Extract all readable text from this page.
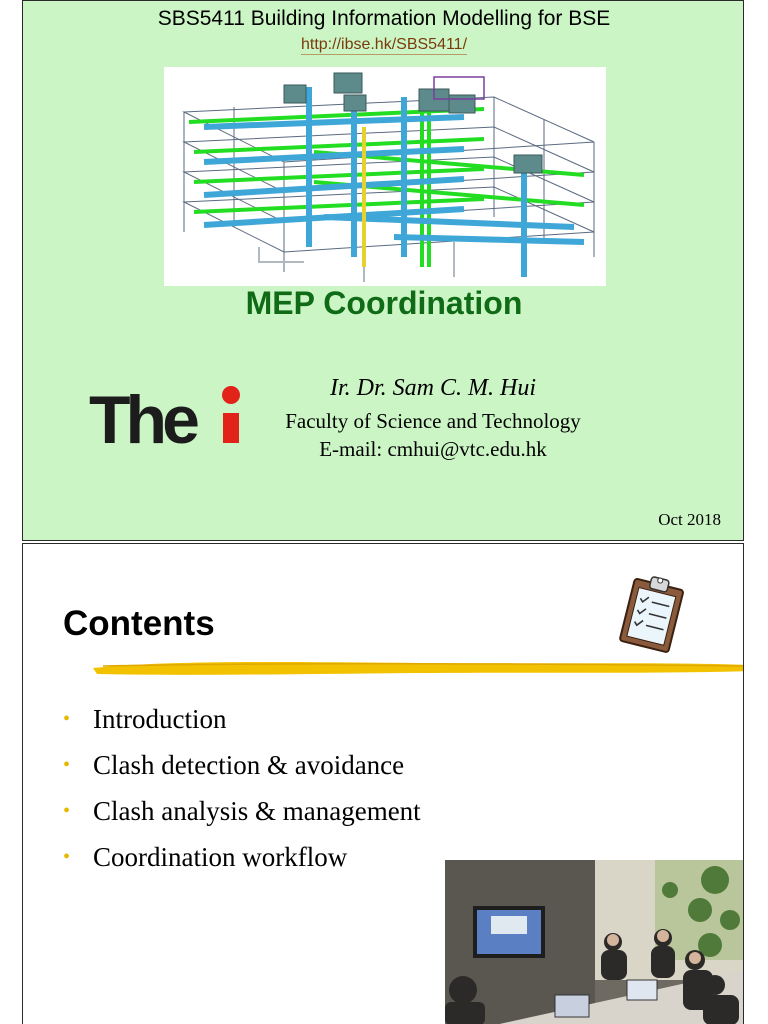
SBS5411 Building Information Modelling for BSE
http://ibse.hk/SBS5411/
MEP Coordination
The	Ir. Dr. Sam C. M. Hui
Faculty of Science and Technology
E-mail: cmhui@vtc.edu.hk
Oct 2018
Contents
• Introduction
• Clash detection & avoidance
• Clash analysis & management
• Coordination workflow
